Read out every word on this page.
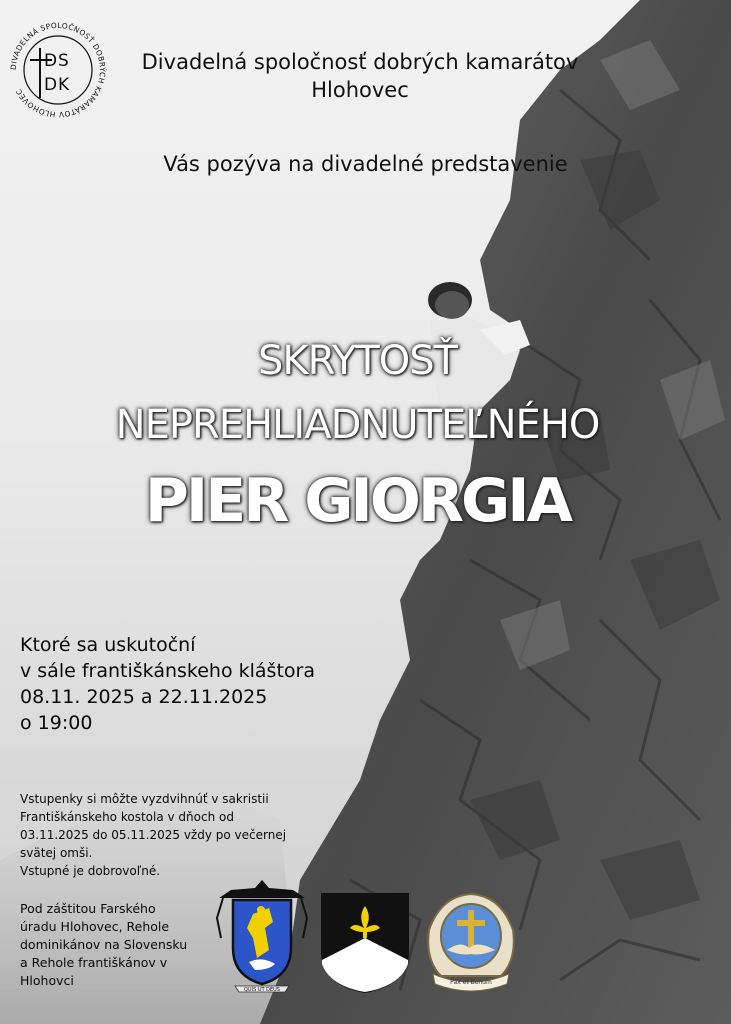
DIVADELNÁ SPOLOČNOSŤ DOBRÝCH KAMARÁTOV HLOHOVEC
D S
D K
Divadelná spoločnosť dobrých kamarátov
Hlohovec
Vás pozýva na divadelné predstavenie
SKRYTOSŤ
NEPREHLIADNUTEĽNÉHO
PIER GIORGIA
Ktoré sa uskutoční
v sále františkánskeho kláštora
08.11. 2025 a 22.11.2025
o 19:00
Vstupenky si môžte vyzdvihnúť v sakristii
Františkánskeho kostola v dňoch od
03.11.2025 do 05.11.2025 vždy po večernej
svätej omši.
Vstupné je dobrovoľné.
Pod záštitou Farského
úradu Hlohovec, Rehole
dominikánov na Slovensku
a Rehole františkánov v
Hlohovci
QUIS UT DEUS
Pax et Bonum
